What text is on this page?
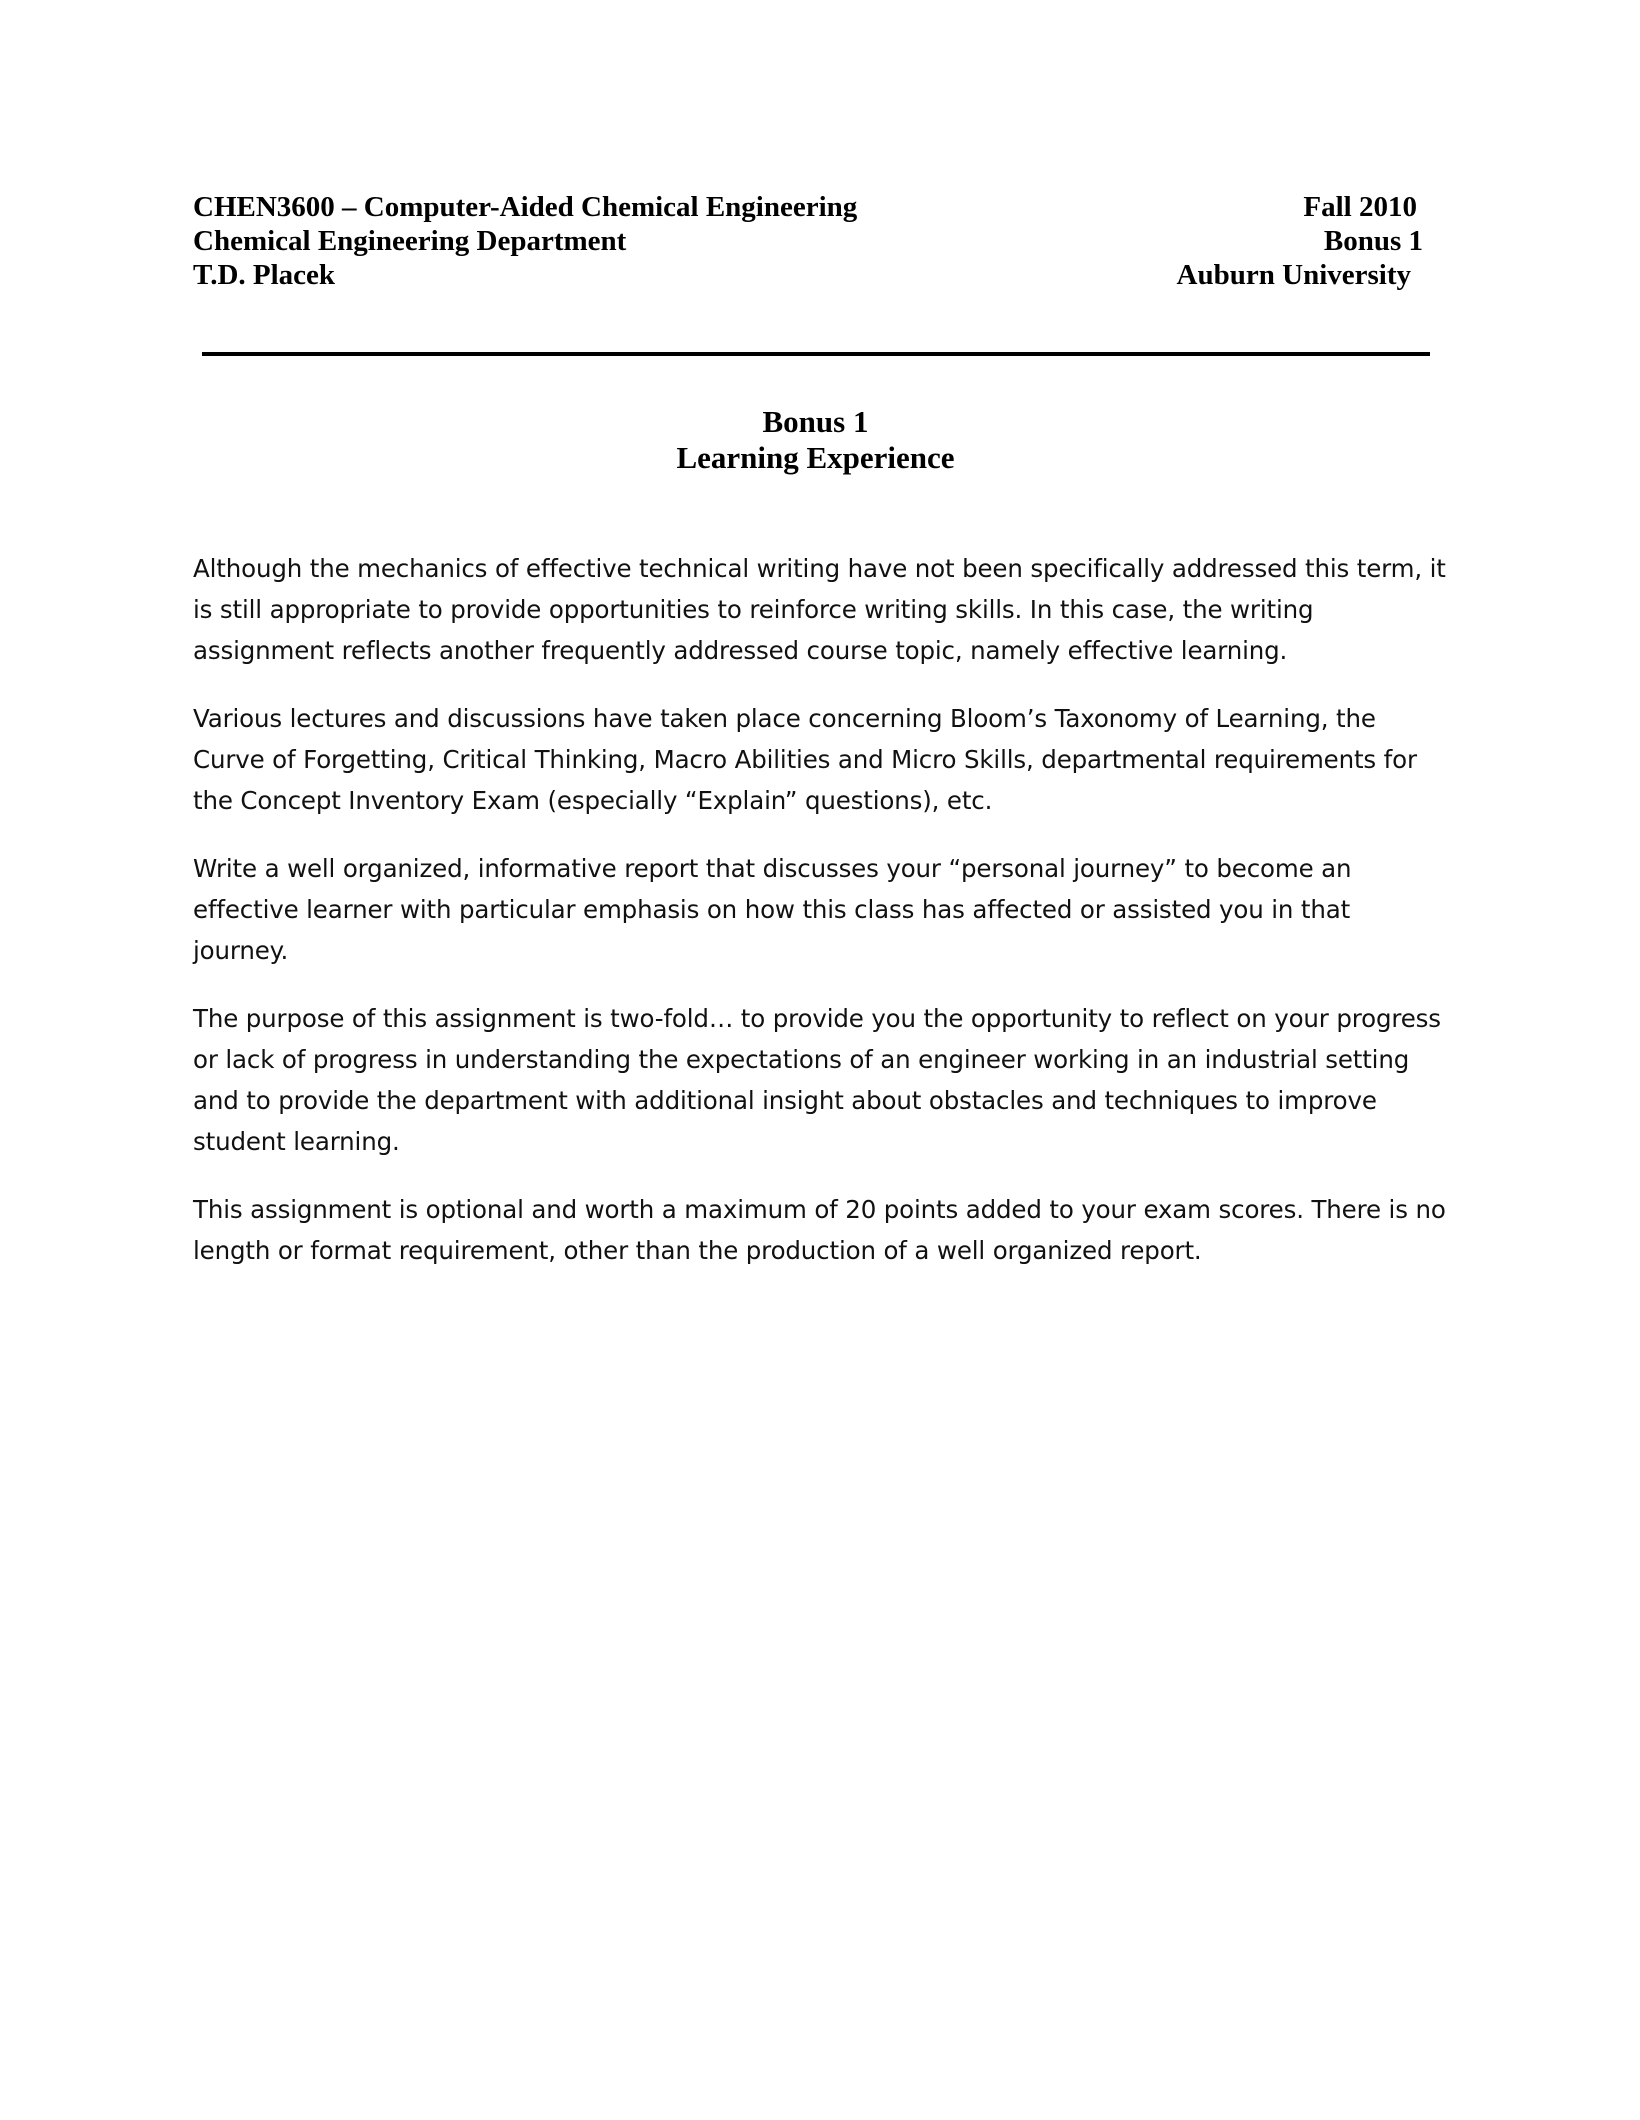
CHEN3600 – Computer-Aided Chemical Engineering	Fall 2010
Chemical Engineering Department	Bonus 1
T.D. Placek	Auburn University
Bonus 1
Learning Experience

Although the mechanics of effective technical writing have not been specifically addressed this term, it is still appropriate to provide opportunities to reinforce writing skills. In this case, the writing assignment reflects another frequently addressed course topic, namely effective learning.

Various lectures and discussions have taken place concerning Bloom’s Taxonomy of Learning, the Curve of Forgetting, Critical Thinking, Macro Abilities and Micro Skills, departmental requirements for the Concept Inventory Exam (especially “Explain” questions), etc.

Write a well organized, informative report that discusses your “personal journey” to become an effective learner with particular emphasis on how this class has affected or assisted you in that journey.

The purpose of this assignment is two-fold… to provide you the opportunity to reflect on your progress or lack of progress in understanding the expectations of an engineer working in an industrial setting and to provide the department with additional insight about obstacles and techniques to improve student learning.

This assignment is optional and worth a maximum of 20 points added to your exam scores. There is no length or format requirement, other than the production of a well organized report.
